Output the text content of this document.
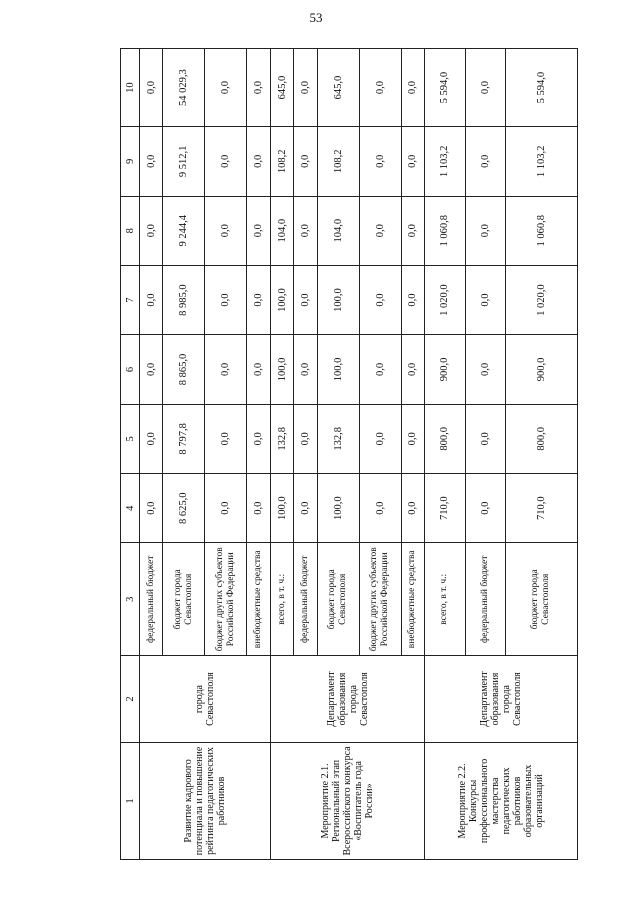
53
1	2	3	4	5	6	7	8	9	10
Развитие кадрового потенциала и повышение рейтинга педагогических работников	города Севастополя	федеральный бюджет	0,0	0,0	0,0	0,0	0,0	0,0	0,0
		бюджет города Севастополя	8 625,0	8 797,8	8 865,0	8 985,0	9 244,4	9 512,1	54 029,3
		бюджет других субъектов Российской Федерации	0,0	0,0	0,0	0,0	0,0	0,0	0,0
		внебюджетные средства	0,0	0,0	0,0	0,0	0,0	0,0	0,0
Мероприятие 2.1. Региональный этап Всероссийского конкурса «Воспитатель года России»	Департамент образования города Севастополя	всего, в т. ч.:	100,0	132,8	100,0	100,0	104,0	108,2	645,0
		федеральный бюджет	0,0	0,0	0,0	0,0	0,0	0,0	0,0
		бюджет города Севастополя	100,0	132,8	100,0	100,0	104,0	108,2	645,0
		бюджет других субъектов Российской Федерации	0,0	0,0	0,0	0,0	0,0	0,0	0,0
		внебюджетные средства	0,0	0,0	0,0	0,0	0,0	0,0	0,0
Мероприятие 2.2. Конкурсы профессионального мастерства педагогических работников образовательных организаций	Департамент образования города Севастополя	всего, в т. ч.:	710,0	800,0	900,0	1 020,0	1 060,8	1 103,2	5 594,0
		федеральный бюджет	0,0	0,0	0,0	0,0	0,0	0,0	0,0
		бюджет города Севастополя	710,0	800,0	900,0	1 020,0	1 060,8	1 103,2	5 594,0
